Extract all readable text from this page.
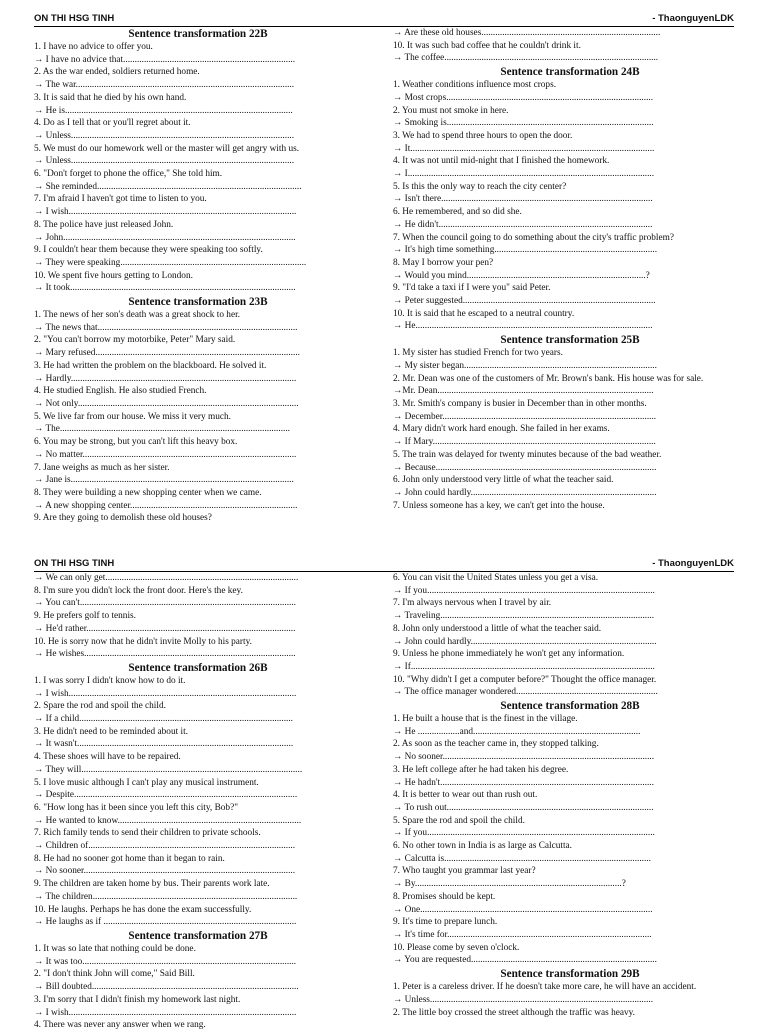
ON THI HSG TINH	- ThaonguyenLDK
Sentence transformation 22B
1. I have no advice to offer you.
→ I have no advice that..........................................................................
2. As the war ended, soldiers returned home.
→ The war..............................................................................................
3. It is said that he died by his own hand.
→ He is..................................................................................................
4. Do as I tell that or you'll regret about it.
→ Unless................................................................................................
5. We must do our homework well or the master will get angry with us.
→ Unless................................................................................................
6. "Don't forget to phone the office," She told him.
→ She reminded........................................................................................
7. I'm afraid I haven't got time to listen to you.
→ I wish..................................................................................................
8. The police have just released John.
→ John....................................................................................................
9. I couldn't hear them because they were speaking too softly.
→ They were speaking................................................................................
10. We spent five hours getting to London.
→ It took.................................................................................................
Sentence transformation 23B
1. The news of her son's death was a great shock to her.
→ The news that......................................................................................
2. "You can't borrow my motorbike, Peter" Mary said.
→ Mary refused........................................................................................
3. He had written the problem on the blackboard. He solved it.
→ Hardly.................................................................................................
4. He studied English. He also studied French.
→ Not only...............................................................................................
5. We live far from our house. We miss it very much.
→ The...................................................................................................
6. You may be strong, but you can't lift this heavy box.
→ No matter............................................................................................
7. Jane weighs as much as her sister.
→ Jane is................................................................................................
8. They were building a new shopping center when we came.
→ A new shopping center........................................................................
9. Are they going to demolish these old houses?
→ Are these old houses.............................................................................
10. It was such bad coffee that he couldn't drink it.
→ The coffee............................................................................................
Sentence transformation 24B
1. Weather conditions influence most crops.
→ Most crops.........................................................................................
2. You must not smoke in here.
→ Smoking is.........................................................................................
3. We had to spend three hours to open the door.
→ It.........................................................................................................
4. It was not until mid-night that I finished the homework.
→ I..........................................................................................................
5. Is this the only way to reach the city center?
→ Isn't there...........................................................................................
6. He remembered, and so did she.
→ He didn't............................................................................................
7. When the council going to do something about the city's traffic problem?
→ It's high time something......................................................................
8. May I borrow your pen?
→ Would you mind.............................................................................?
9. "I'd take a taxi if I were you" said Peter.
→ Peter suggested...................................................................................
10. It is said that he escaped to a neutral country.
→ He......................................................................................................
Sentence transformation 25B
1. My sister has studied French for two years.
→ My sister began...................................................................................
2. Mr. Dean was one of the customers of Mr. Brown's bank. His house was for sale.
→Mr. Dean.............................................................................................
3. Mr. Smith's company is busier in December than in other months.
→ December............................................................................................
4. Mary didn't work hard enough. She failed in her exams.
→ If Mary................................................................................................
5. The train was delayed for twenty minutes because of the bad weather.
→ Because...............................................................................................
6. John only understood very little of what the teacher said.
→ John could hardly................................................................................
7. Unless someone has a key, we can't get into the house.
ON THI HSG TINH	- ThaonguyenLDK
→ We can only get...................................................................................
8. I'm sure you didn't lock the front door. Here's the key.
→ You can't.............................................................................................
9. He prefers golf to tennis.
→ He'd rather..........................................................................................
10. He is sorry now that he didn't invite Molly to his party.
→ He wishes...........................................................................................
Sentence transformation 26B
1. I was sorry I didn't know how to do it.
→ I wish..................................................................................................
2. Spare the rod and spoil the child.
→ If a child............................................................................................
3. He didn't need to be reminded about it.
→ It wasn't.............................................................................................
4. These shoes will have to be repaired.
→ They will...............................................................................................
5. I love music although I can't play any musical instrument.
→ Despite................................................................................................
6. "How long has it been since you left this city, Bob?"
→ He wanted to know...............................................................................
7. Rich family tends to send their children to private schools.
→ Children of.........................................................................................
8. He had no sooner got home than it began to rain.
→ No sooner...........................................................................................
9. The children are taken home by bus. Their parents work late.
→ The children........................................................................................
10. He laughs. Perhaps he has done the exam successfully.
→ He laughs as if ...................................................................................
Sentence transformation 27B
1. It was so late that nothing could be done.
→ It was too............................................................................................
2. "I don't think John will come," Said Bill.
→ Bill doubted.........................................................................................
3. I'm sorry that I didn't finish my homework last night.
→ I wish..................................................................................................
4. There was never any answer when we rang.
6. You can visit the United States unless you get a visa.
→ If you..................................................................................................
7. I'm always nervous when I travel by air.
→ Traveling............................................................................................
8. John only understood a little of what the teacher said.
→ John could hardly................................................................................
9. Unless he phone immediately he won't get any information.
→ If.........................................................................................................
10. "Why didn't I get a computer before?" Thought the office manager.
→ The office manager wondered.............................................................
Sentence transformation 28B
1. He built a house that is the finest in the village.
→ He ..................and........................................................................
2. As soon as the teacher came in, they stopped talking.
→ No sooner...........................................................................................
3. He left college after he had taken his degree.
→ He hadn't............................................................................................
4. It is better to wear out than rush out.
→ To rush out.........................................................................................
5. Spare the rod and spoil the child.
→ If you..................................................................................................
6. No other town in India is as large as Calcutta.
→ Calcutta is.........................................................................................
7. Who taught you grammar last year?
→ By.........................................................................................?
8. Promises should be kept.
→ One....................................................................................................
9. It's time to prepare lunch.
→ It's time for........................................................................................
10. Please come by seven o'clock.
→ You are requested................................................................................
Sentence transformation 29B
1. Peter is a careless driver. If he doesn't take more care, he will have an accident.
→ Unless................................................................................................
2. The little boy crossed the street although the traffic was heavy.
